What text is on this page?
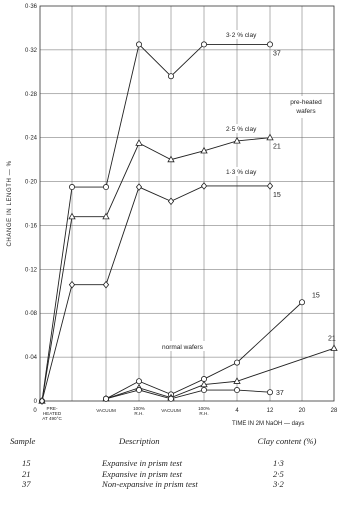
0
0·04
0·08
0·12
0·16
0·20
0·24
0·28
0·32
0·36
CHANGE IN LENGTH — %
0 PRE-
HEATED
AT 490°C
VACUUM	100%
R.H.
VACUUM	100%
R.H.	4	12	20	28
TIME IN 2M NaOH — days
37
21
15
15
21
37
3·2 % clay
2·5 % clay
1·3 % clay
pre-heated
wafers
normal wafers
Sample	Description	Clay content (%)
15	Expansive in prism test	1·3
21	Expansive in prism test	2·5
37	Non-expansive in prism test	3·2
